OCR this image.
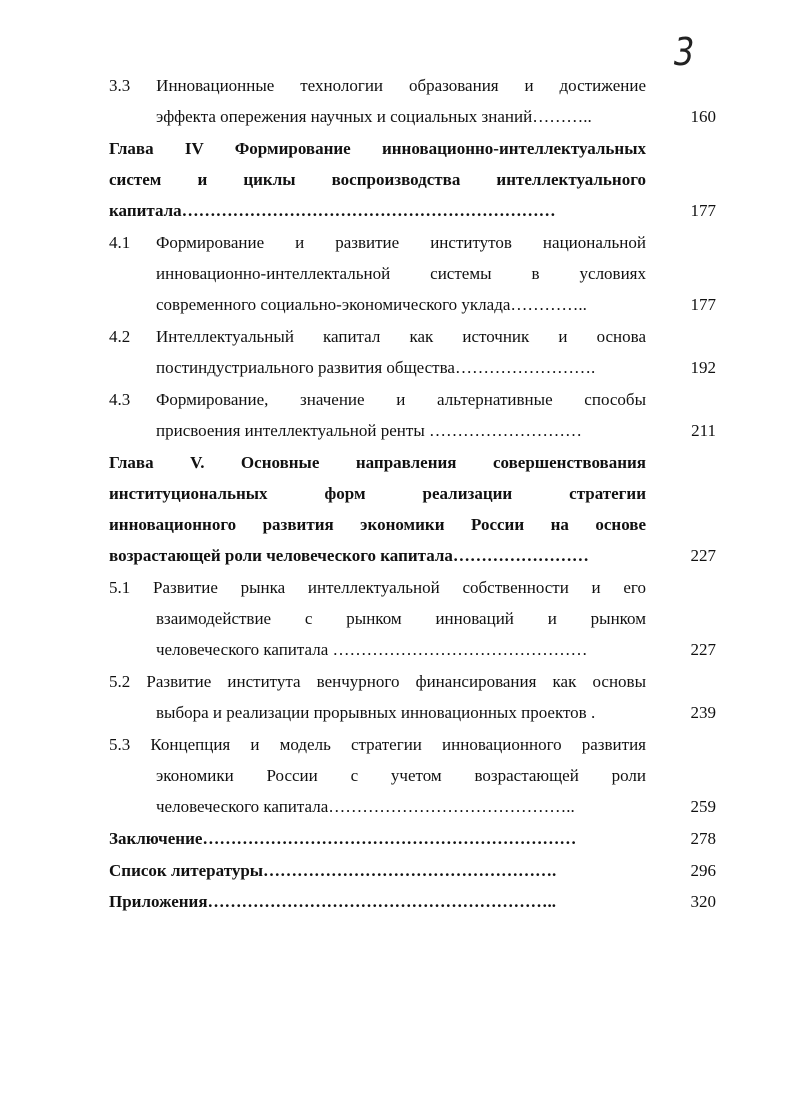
3
3.3 Инновационные технологии образования и достижение
эффекта опережения научных и социальных знаний………..	160
Глава IV Формирование инновационно-интеллектуальных
систем и циклы воспроизводства интеллектуального
капитала…………………………………………………………	177
4.1 Формирование и развитие институтов национальной
инновационно-интеллектальной системы в условиях
современного социально-экономического уклада…………..	177
4.2 Интеллектуальный капитал как источник и основа
постиндустриального развития общества…………………….	192
4.3 Формирование, значение и альтернативные способы
присвоения интеллектуальной ренты ………………………	211
Глава V. Основные направления совершенствования
институциональных форм реализации стратегии
инновационного развития экономики России на основе
возрастающей роли человеческого капитала……………………	227
5.1 Развитие рынка интеллектуальной собственности и его
взаимодействие с рынком инноваций и рынком
человеческого капитала ………………………………………	227
5.2 Развитие института венчурного финансирования как основы
выбора и реализации прорывных инновационных проектов .	239
5.3 Концепция и модель стратегии инновационного развития
экономики России с учетом возрастающей роли
человеческого капитала……………………………………..	259
Заключение…………………………………………………………	278
Список литературы…………………………………………….	296
Приложения……………………………………………………..	320
